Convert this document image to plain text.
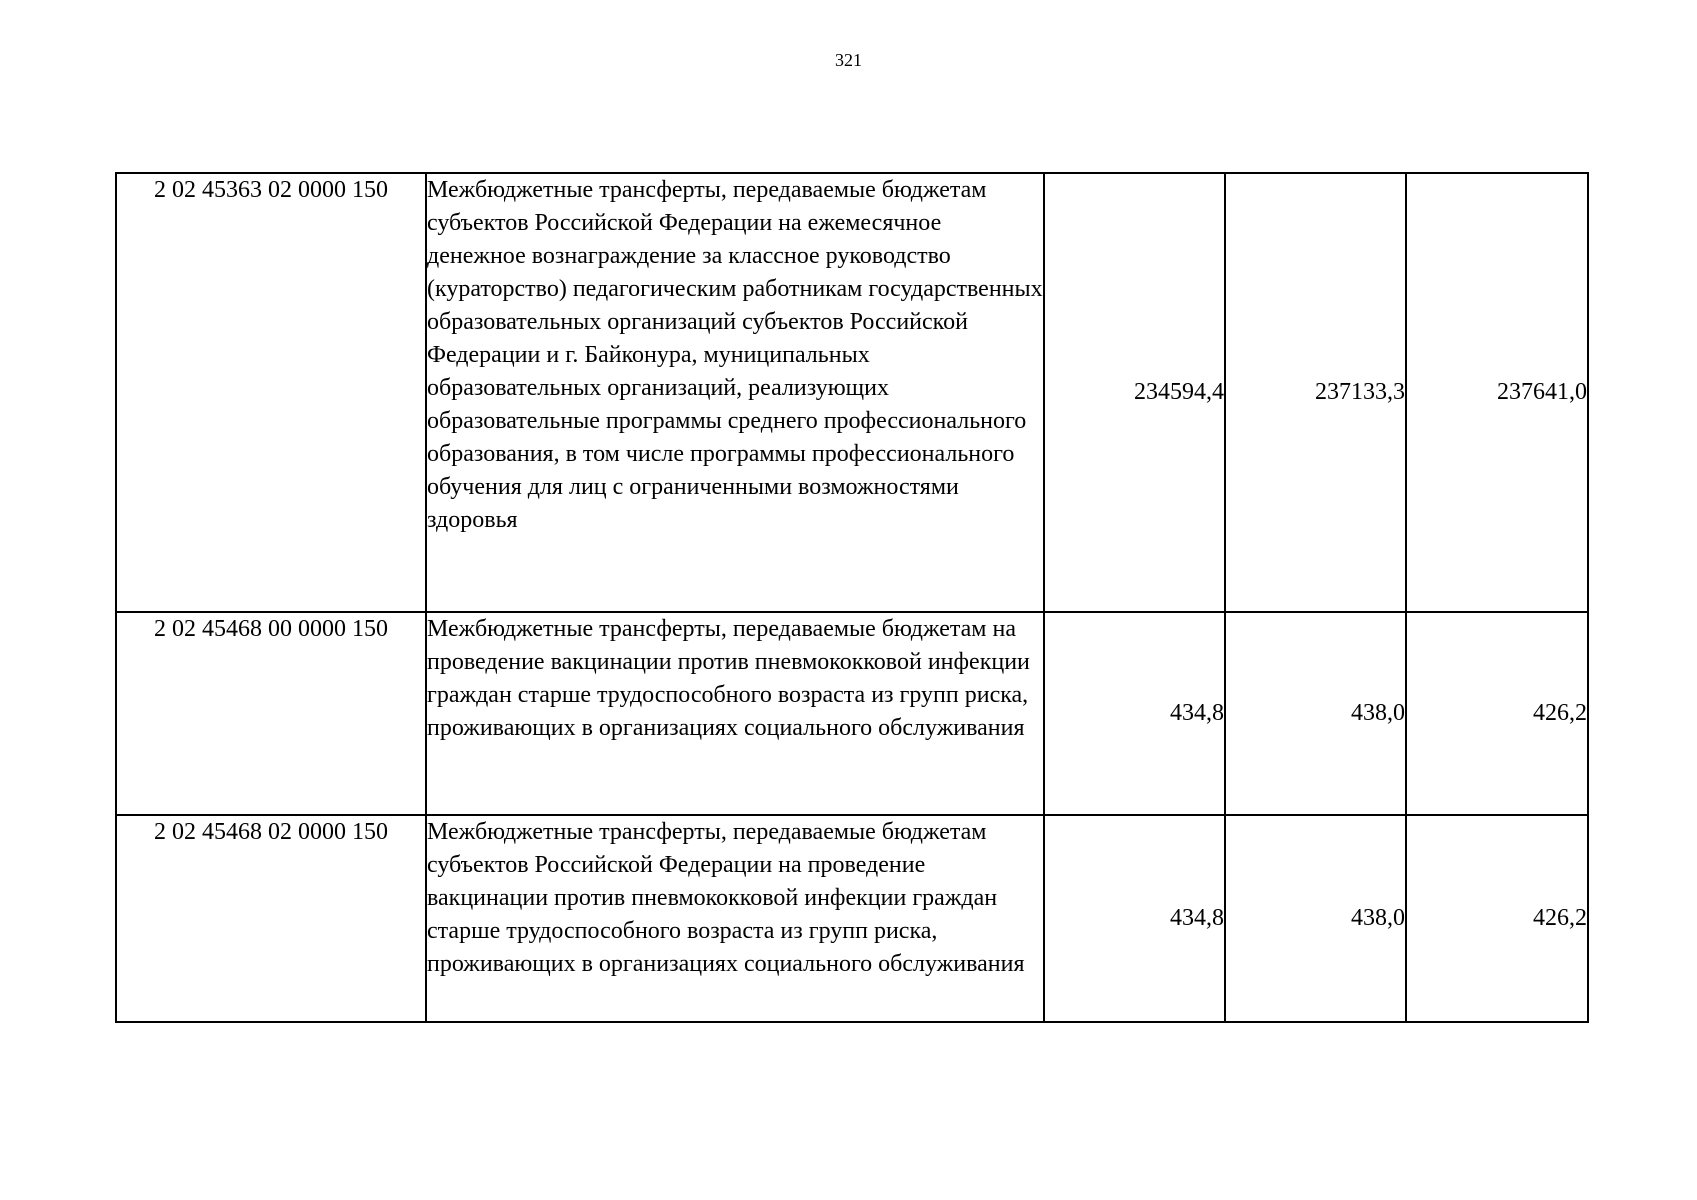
321
2 02 45363 02 0000 150	Межбюджетные трансферты, передаваемые бюджетам субъектов Российской Федерации на ежемесячное денежное вознаграждение за классное руководство (кураторство) педагогическим работникам государственных образовательных организаций субъектов Российской Федерации и г. Байконура, муниципальных образовательных организаций, реализующих образовательные программы среднего профессионального образования, в том числе программы профессионального обучения для лиц с ограниченными возможностями здоровья	234594,4	237133,3	237641,0
2 02 45468 00 0000 150	Межбюджетные трансферты, передаваемые бюджетам на проведение вакцинации против пневмококковой инфекции граждан старше трудоспособного возраста из групп риска, проживающих в организациях социального обслуживания	434,8	438,0	426,2
2 02 45468 02 0000 150	Межбюджетные трансферты, передаваемые бюджетам субъектов Российской Федерации на проведение вакцинации против пневмококковой инфекции граждан старше трудоспособного возраста из групп риска, проживающих в организациях социального обслуживания	434,8	438,0	426,2
